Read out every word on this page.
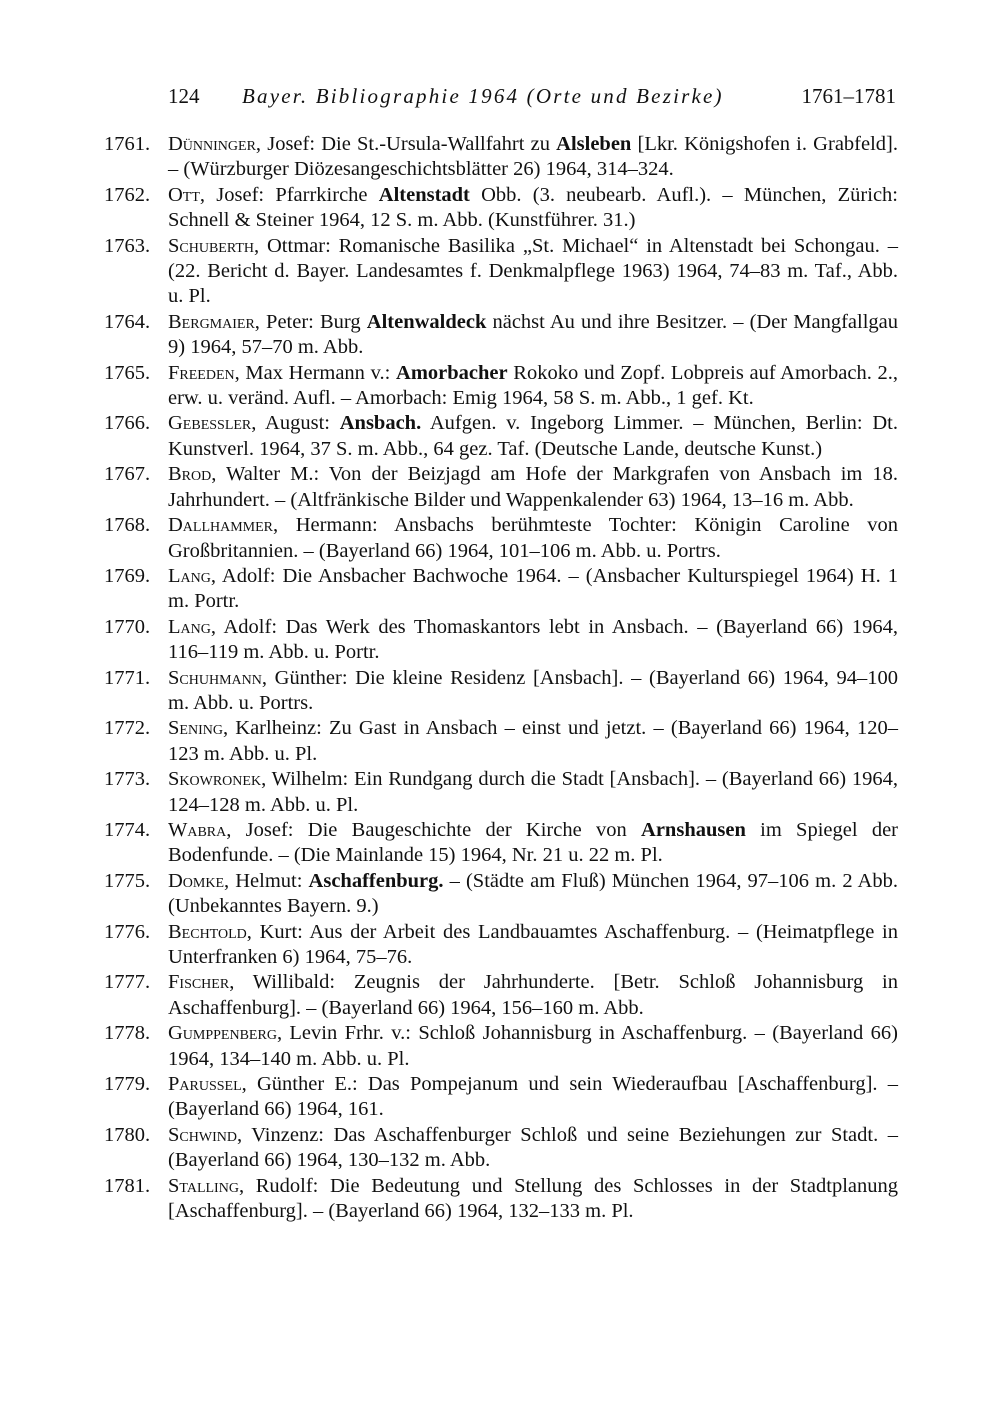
124 Bayer. Bibliographie 1964 (Orte und Bezirke)	1761–1781
1761. Dünninger, Josef: Die St.-Ursula-Wallfahrt zu Alsleben [Lkr. Königshofen i. Grabfeld]. – (Würzburger Diözesangeschichtsblätter 26) 1964, 314–324.
1762. Ott, Josef: Pfarrkirche Altenstadt Obb. (3. neubearb. Aufl.). – München, Zürich: Schnell & Steiner 1964, 12 S. m. Abb. (Kunstführer. 31.)
1763. Schuberth, Ottmar: Romanische Basilika „St. Michael“ in Altenstadt bei Schongau. – (22. Bericht d. Bayer. Landesamtes f. Denkmalpflege 1963) 1964, 74–83 m. Taf., Abb. u. Pl.
1764. Bergmaier, Peter: Burg Altenwaldeck nächst Au und ihre Besitzer. – (Der Mangfallgau 9) 1964, 57–70 m. Abb.
1765. Freeden, Max Hermann v.: Amorbacher Rokoko und Zopf. Lobpreis auf Amorbach. 2., erw. u. veränd. Aufl. – Amorbach: Emig 1964, 58 S. m. Abb., 1 gef. Kt.
1766. Gebessler, August: Ansbach. Aufgen. v. Ingeborg Limmer. – München, Berlin: Dt. Kunstverl. 1964, 37 S. m. Abb., 64 gez. Taf. (Deutsche Lande, deutsche Kunst.)
1767. Brod, Walter M.: Von der Beizjagd am Hofe der Markgrafen von Ansbach im 18. Jahrhundert. – (Altfränkische Bilder und Wappenkalender 63) 1964, 13–16 m. Abb.
1768. Dallhammer, Hermann: Ansbachs berühmteste Tochter: Königin Caroline von Großbritannien. – (Bayerland 66) 1964, 101–106 m. Abb. u. Portrs.
1769. Lang, Adolf: Die Ansbacher Bachwoche 1964. – (Ansbacher Kulturspiegel 1964) H. 1 m. Portr.
1770. Lang, Adolf: Das Werk des Thomaskantors lebt in Ansbach. – (Bayerland 66) 1964, 116–119 m. Abb. u. Portr.
1771. Schuhmann, Günther: Die kleine Residenz [Ansbach]. – (Bayerland 66) 1964, 94–100 m. Abb. u. Portrs.
1772. Sening, Karlheinz: Zu Gast in Ansbach – einst und jetzt. – (Bayerland 66) 1964, 120–123 m. Abb. u. Pl.
1773. Skowronek, Wilhelm: Ein Rundgang durch die Stadt [Ansbach]. – (Bayerland 66) 1964, 124–128 m. Abb. u. Pl.
1774. Wabra, Josef: Die Baugeschichte der Kirche von Arnshausen im Spiegel der Bodenfunde. – (Die Mainlande 15) 1964, Nr. 21 u. 22 m. Pl.
1775. Domke, Helmut: Aschaffenburg. – (Städte am Fluß) München 1964, 97–106 m. 2 Abb. (Unbekanntes Bayern. 9.)
1776. Bechtold, Kurt: Aus der Arbeit des Landbauamtes Aschaffenburg. – (Heimatpflege in Unterfranken 6) 1964, 75–76.
1777. Fischer, Willibald: Zeugnis der Jahrhunderte. [Betr. Schloß Johannisburg in Aschaffenburg]. – (Bayerland 66) 1964, 156–160 m. Abb.
1778. Gumppenberg, Levin Frhr. v.: Schloß Johannisburg in Aschaffenburg. – (Bayerland 66) 1964, 134–140 m. Abb. u. Pl.
1779. Parussel, Günther E.: Das Pompejanum und sein Wiederaufbau [Aschaffenburg]. – (Bayerland 66) 1964, 161.
1780. Schwind, Vinzenz: Das Aschaffenburger Schloß und seine Beziehungen zur Stadt. – (Bayerland 66) 1964, 130–132 m. Abb.
1781. Stalling, Rudolf: Die Bedeutung und Stellung des Schlosses in der Stadtplanung [Aschaffenburg]. – (Bayerland 66) 1964, 132–133 m. Pl.
